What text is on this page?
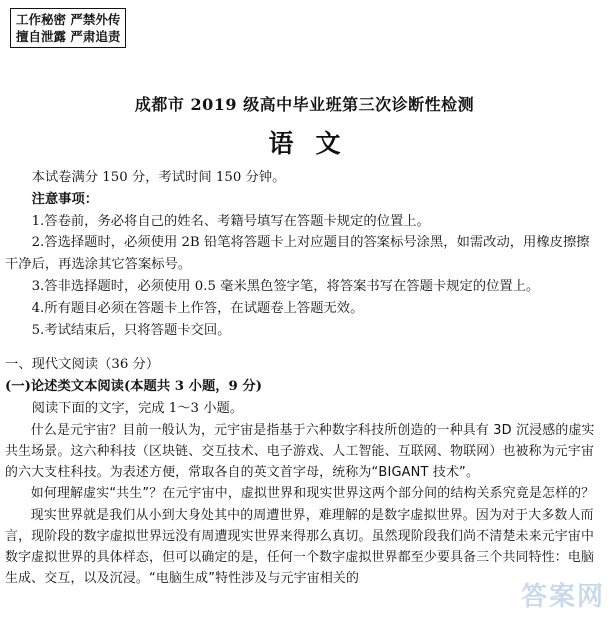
工作秘密 严禁外传
擅自泄露 严肃追责
成都市 2019 级高中毕业班第三次诊断性检测
语文

本试卷满分 150 分，考试时间 150 分钟。

注意事项：

1.答卷前，务必将自己的姓名、考籍号填写在答题卡规定的位置上。

2.答选择题时，必须使用 2B 铅笔将答题卡上对应题目的答案标号涂黑，如需改动，用橡皮擦擦干净后，再选涂其它答案标号。

3.答非选择题时，必须使用 0.5 毫米黑色签字笔，将答案书写在答题卡规定的位置上。

4.所有题目必须在答题卡上作答，在试题卷上答题无效。

5.考试结束后，只将答题卡交回。

一、现代文阅读（36 分）

(一)论述类文本阅读(本题共 3 小题，9 分)

阅读下面的文字，完成 1～3 小题。

什么是元宇宙？目前一般认为，元宇宙是指基于六种数字科技所创造的一种具有 3D 沉浸感的虚实共生场景。这六种科技（区块链、交互技术、电子游戏、人工智能、互联网、物联网）也被称为元宇宙的六大支柱科技。为表述方便，常取各自的英文首字母，统称为“BIGANT 技术”。

如何理解虚实“共生”？在元宇宙中，虚拟世界和现实世界这两个部分间的结构关系究竟是怎样的？

现实世界就是我们从小到大身处其中的周遭世界，难理解的是数字虚拟世界。因为对于大多数人而言，现阶段的数字虚拟世界远没有周遭现实世界来得那么真切。虽然现阶段我们尚不清楚未来元宇宙中数字虚拟世界的具体样态，但可以确定的是，任何一个数字虚拟世界都至少要具备三个共同特性：电脑生成、交互，以及沉浸。“电脑生成”特性涉及与元宇宙相关的

答案网
